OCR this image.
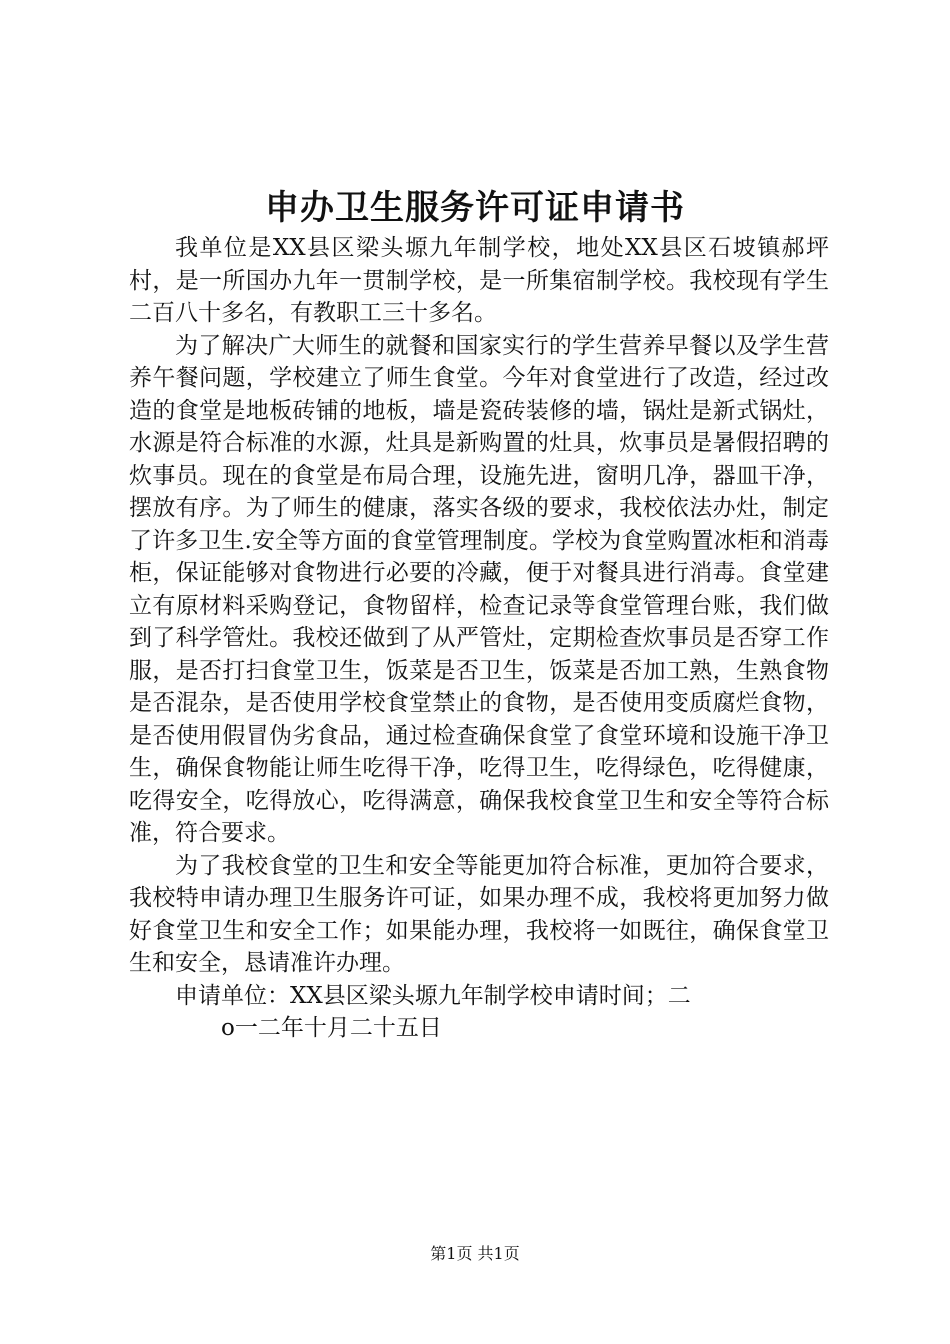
申办卫生服务许可证申请书

我单位是XX县区梁头塬九年制学校，地处XX县区石坡镇郝坪村，是一所国办九年一贯制学校，是一所集宿制学校。我校现有学生二百八十多名，有教职工三十多名。

为了解决广大师生的就餐和国家实行的学生营养早餐以及学生营养午餐问题，学校建立了师生食堂。今年对食堂进行了改造，经过改造的食堂是地板砖铺的地板，墙是瓷砖装修的墙，锅灶是新式锅灶，水源是符合标准的水源，灶具是新购置的灶具，炊事员是暑假招聘的炊事员。现在的食堂是布局合理，设施先进，窗明几净，器皿干净，摆放有序。为了师生的健康，落实各级的要求，我校依法办灶，制定了许多卫生.安全等方面的食堂管理制度。学校为食堂购置冰柜和消毒柜，保证能够对食物进行必要的冷藏，便于对餐具进行消毒。食堂建立有原材料采购登记，食物留样，检查记录等食堂管理台账，我们做到了科学管灶。我校还做到了从严管灶，定期检查炊事员是否穿工作服，是否打扫食堂卫生，饭菜是否卫生，饭菜是否加工熟，生熟食物是否混杂，是否使用学校食堂禁止的食物，是否使用变质腐烂食物，是否使用假冒伪劣食品，通过检查确保食堂了食堂环境和设施干净卫生，确保食物能让师生吃得干净，吃得卫生，吃得绿色，吃得健康，吃得安全，吃得放心，吃得满意，确保我校食堂卫生和安全等符合标准，符合要求。

为了我校食堂的卫生和安全等能更加符合标准，更加符合要求，我校特申请办理卫生服务许可证，如果办理不成，我校将更加努力做好食堂卫生和安全工作；如果能办理，我校将一如既往，确保食堂卫生和安全，恳请准许办理。

申请单位：XX县区梁头塬九年制学校申请时间；二

o一二年十月二十五日

第1页 共1页
